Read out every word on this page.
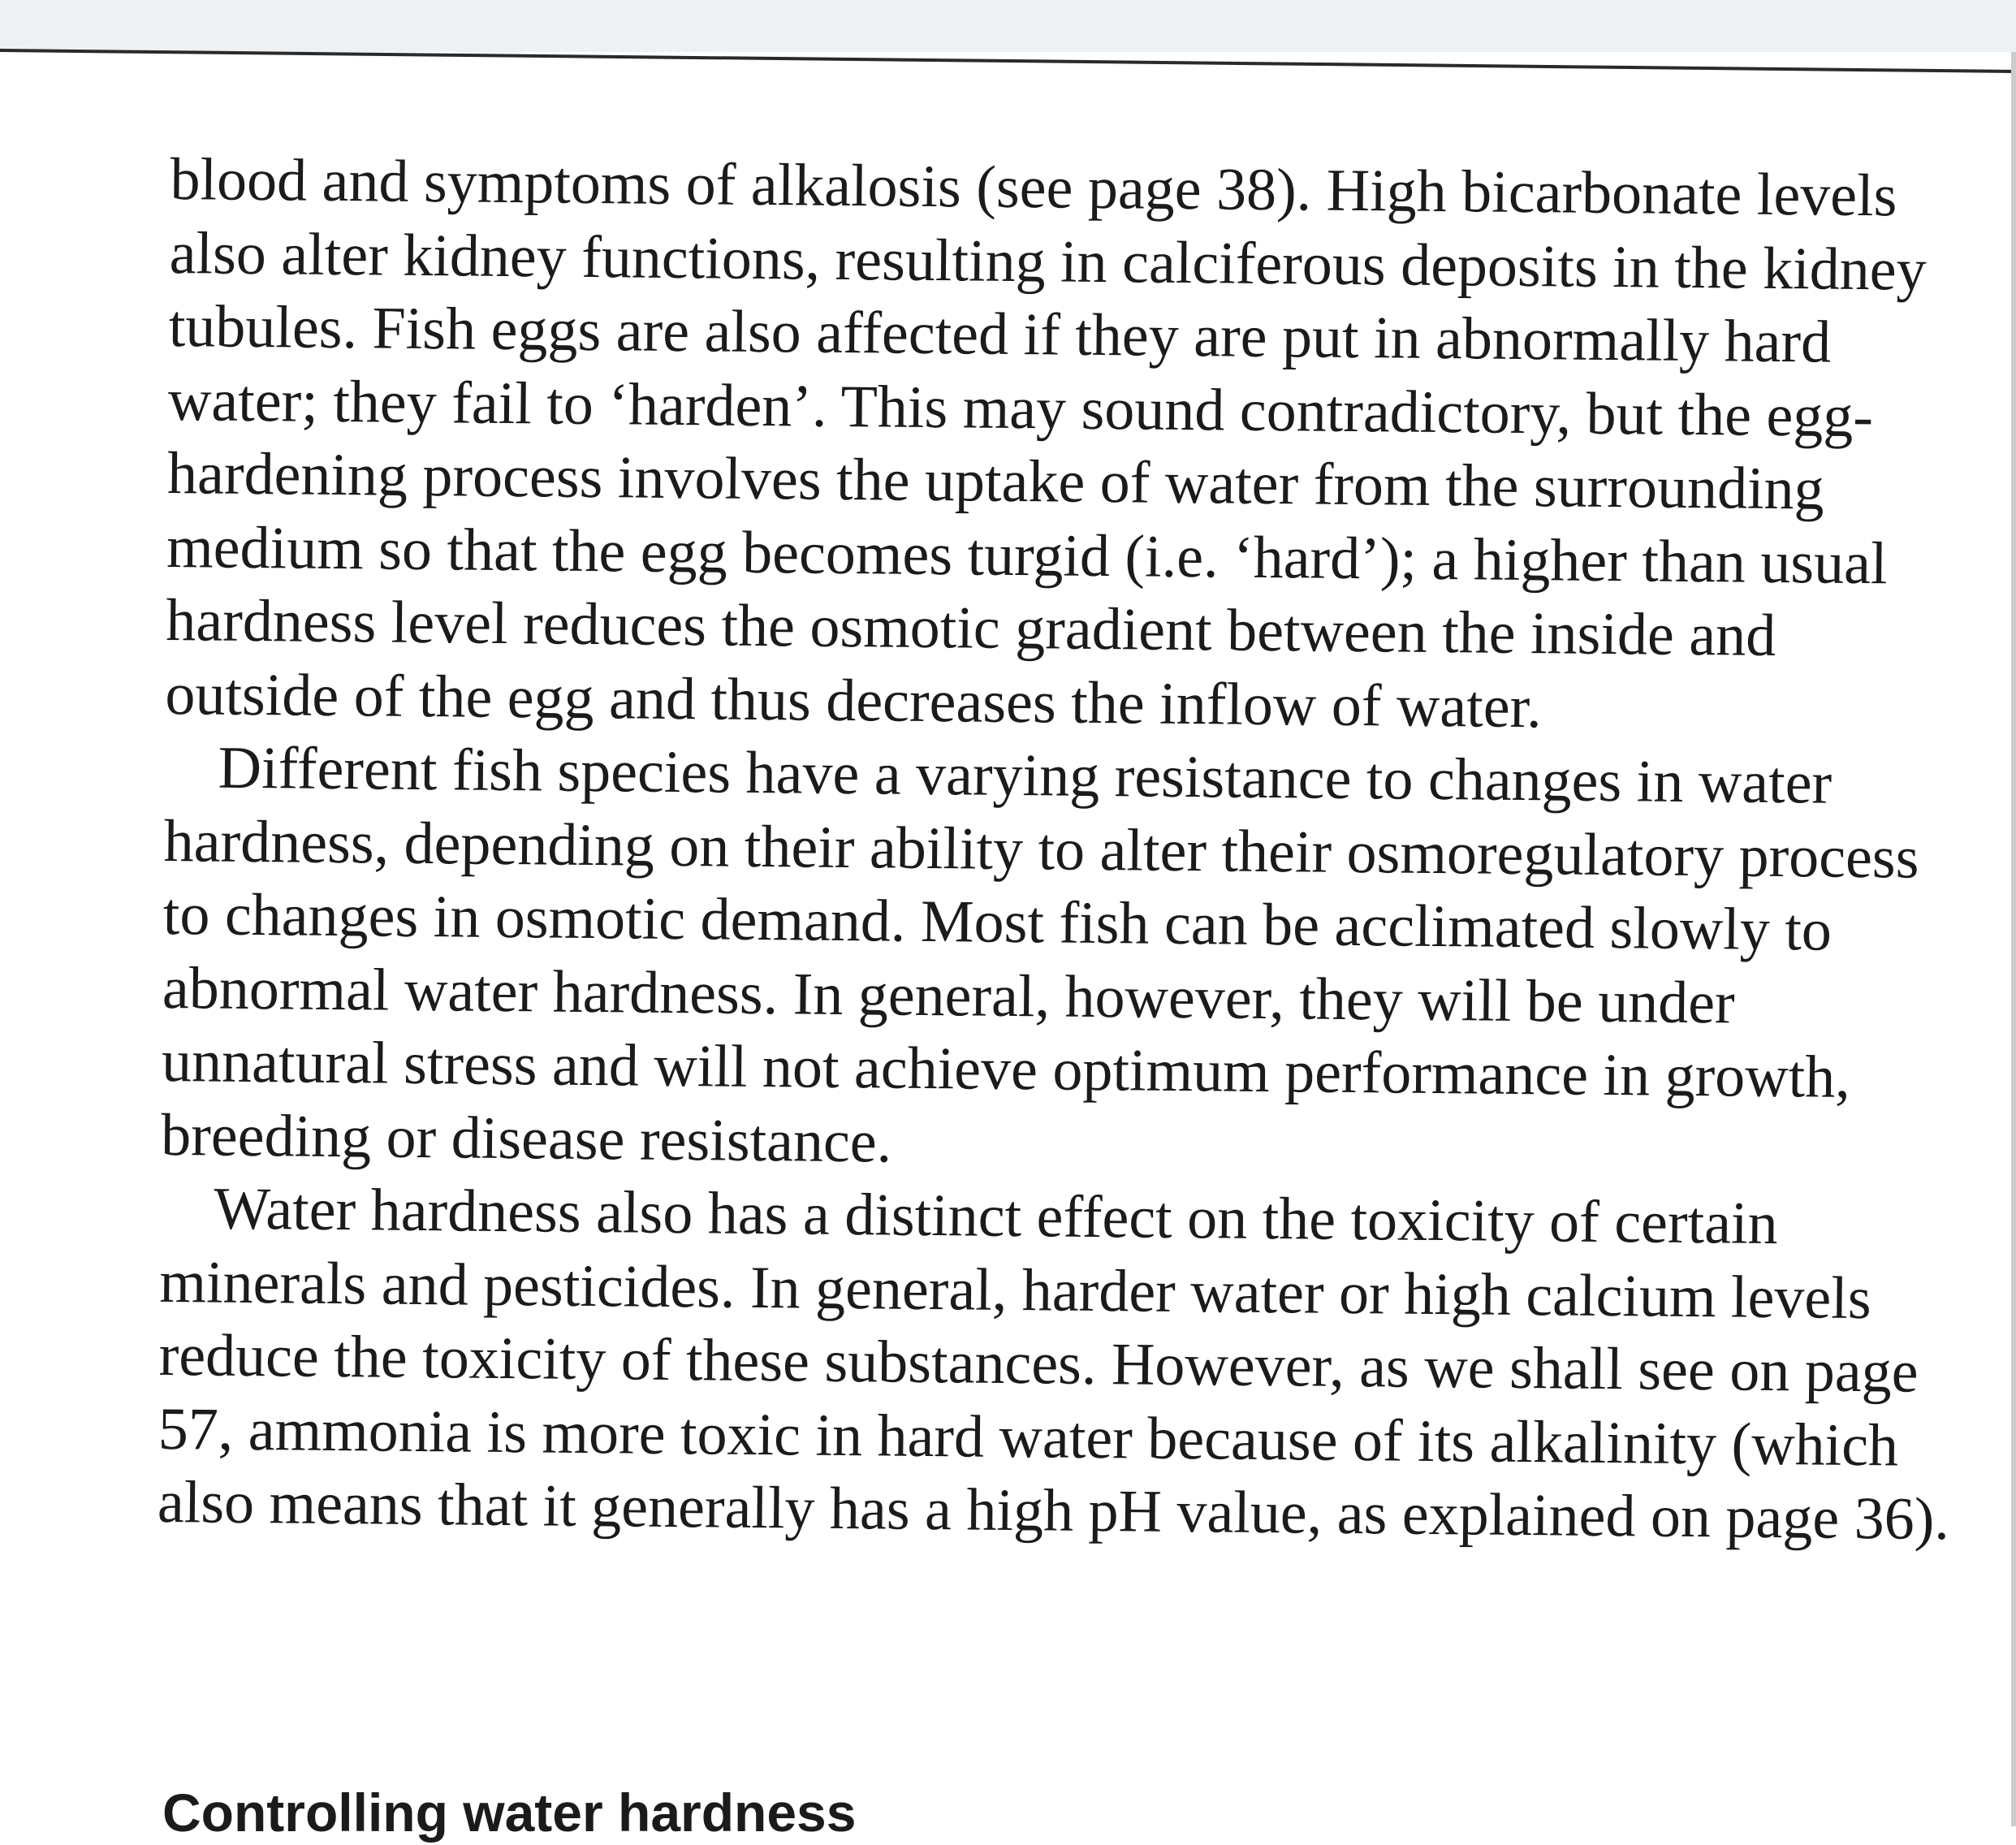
blood and symptoms of alkalosis (see page 38). High bicarbonate levels also alter kidney functions, resulting in calciferous deposits in the kidney tubules. Fish eggs are also affected if they are put in abnormally hard water; they fail to ‘harden’. This may sound contradictory, but the egg-hardening process involves the uptake of water from the surrounding medium so that the egg becomes turgid (i.e. ‘hard’); a higher than usual hardness level reduces the osmotic gradient between the inside and outside of the egg and thus decreases the inflow of water.

Different fish species have a varying resistance to changes in water hardness, depending on their ability to alter their osmoregulatory process to changes in osmotic demand. Most fish can be acclimated slowly to abnormal water hardness. In general, however, they will be under unnatural stress and will not achieve optimum performance in growth, breeding or disease resistance.

Water hardness also has a distinct effect on the toxicity of certain minerals and pesticides. In general, harder water or high calcium levels reduce the toxicity of these substances. However, as we shall see on page 57, ammonia is more toxic in hard water because of its alkalinity (which also means that it generally has a high pH value, as explained on page 36).

Controlling water hardness
